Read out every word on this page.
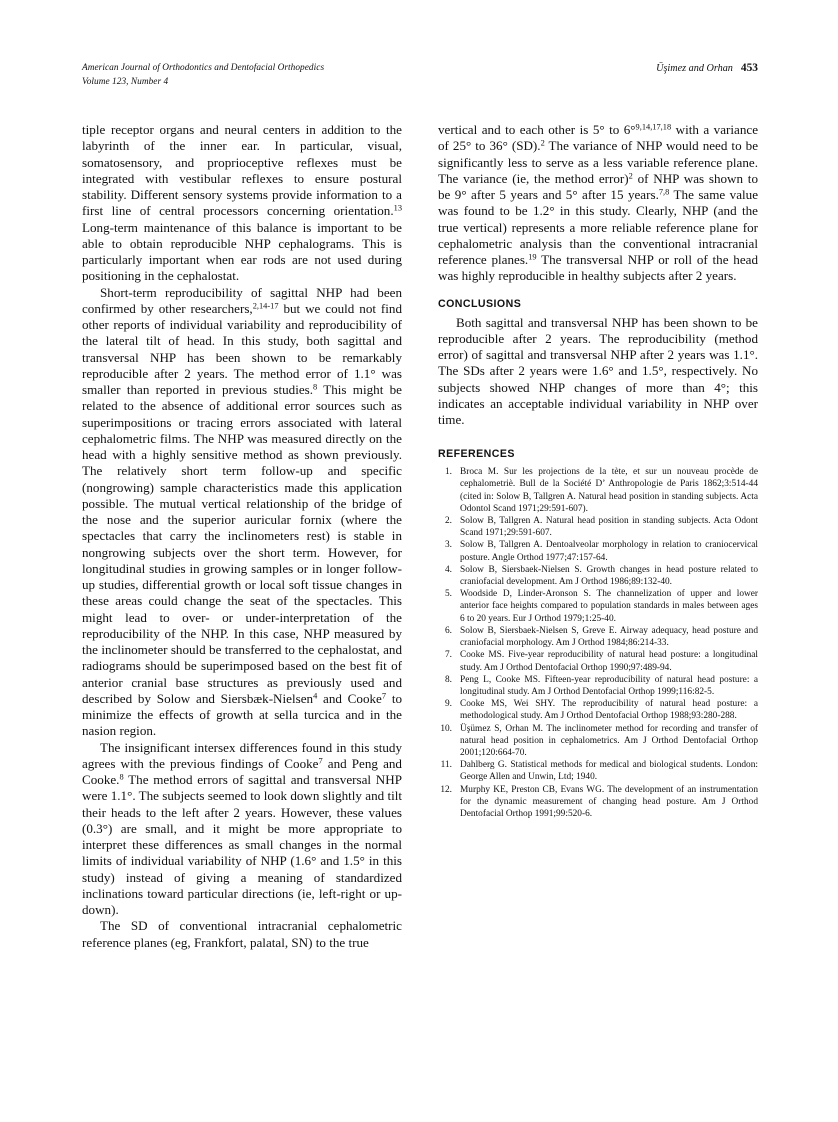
American Journal of Orthodontics and Dentofacial Orthopedics
Volume 123, Number 4
Üşimez and Orhan 453

tiple receptor organs and neural centers in addition to the labyrinth of the inner ear. In particular, visual, somatosensory, and proprioceptive reflexes must be integrated with vestibular reflexes to ensure postural stability. Different sensory systems provide information to a first line of central processors concerning orientation.$^{13}$ Long-term maintenance of this balance is important to be able to obtain reproducible NHP cephalograms. This is particularly important when ear rods are not used during positioning in the cephalostat.

Short-term reproducibility of sagittal NHP had been confirmed by other researchers,$^{2,14-17}$ but we could not find other reports of individual variability and reproducibility of the lateral tilt of head. In this study, both sagittal and transversal NHP has been shown to be remarkably reproducible after 2 years. The method error of 1.1° was smaller than reported in previous studies.$^8$ This might be related to the absence of additional error sources such as superimpositions or tracing errors associated with lateral cephalometric films. The NHP was measured directly on the head with a highly sensitive method as shown previously. The relatively short term follow-up and specific (nongrowing) sample characteristics made this application possible. The mutual vertical relationship of the bridge of the nose and the superior auricular fornix (where the spectacles that carry the inclinometers rest) is stable in nongrowing subjects over the short term. However, for longitudinal studies in growing samples or in longer follow-up studies, differential growth or local soft tissue changes in these areas could change the seat of the spectacles. This might lead to over- or under-interpretation of the reproducibility of the NHP. In this case, NHP measured by the inclinometer should be transferred to the cephalostat, and radiograms should be superimposed based on the best fit of anterior cranial base structures as previously used and described by Solow and Siersbæk-Nielsen$^4$ and Cooke$^7$ to minimize the effects of growth at sella turcica and in the nasion region.

The insignificant intersex differences found in this study agrees with the previous findings of Cooke$^7$ and Peng and Cooke.$^8$ The method errors of sagittal and transversal NHP were 1.1°. The subjects seemed to look down slightly and tilt their heads to the left after 2 years. However, these values (0.3°) are small, and it might be more appropriate to interpret these differences as small changes in the normal limits of individual variability of NHP (1.6° and 1.5° in this study) instead of giving a meaning of standardized inclinations toward particular directions (ie, left-right or up-down).

The SD of conventional intracranial cephalometric reference planes (eg, Frankfort, palatal, SN) to the true

vertical and to each other is 5° to 6°$^{9,14,17,18}$ with a variance of 25° to 36° (SD).$^2$ The variance of NHP would need to be significantly less to serve as a less variable reference plane. The variance (ie, the method error)$^2$ of NHP was shown to be 9° after 5 years and 5° after 15 years.$^{7,8}$ The same value was found to be 1.2° in this study. Clearly, NHP (and the true vertical) represents a more reliable reference plane for cephalometric analysis than the conventional intracranial reference planes.$^{19}$ The transversal NHP or roll of the head was highly reproducible in healthy subjects after 2 years.

CONCLUSIONS

Both sagittal and transversal NHP has been shown to be reproducible after 2 years. The reproducibility (method error) of sagittal and transversal NHP after 2 years was 1.1°. The SDs after 2 years were 1.6° and 1.5°, respectively. No subjects showed NHP changes of more than 4°; this indicates an acceptable individual variability in NHP over time.

REFERENCES
1. Broca M. Sur les projections de la tète, et sur un nouveau procède de cephalometriè. Bull de la Société D’ Anthropologie de Paris 1862;3:514-44 (cited in: Solow B, Tallgren A. Natural head position in standing subjects. Acta Odontol Scand 1971;29:591-607).
2. Solow B, Tallgren A. Natural head position in standing subjects. Acta Odont Scand 1971;29:591-607.
3. Solow B, Tallgren A. Dentoalveolar morphology in relation to craniocervical posture. Angle Orthod 1977;47:157-64.
4. Solow B, Siersbaek-Nielsen S. Growth changes in head posture related to craniofacial development. Am J Orthod 1986;89:132-40.
5. Woodside D, Linder-Aronson S. The channelization of upper and lower anterior face heights compared to population standards in males between ages 6 to 20 years. Eur J Orthod 1979;1:25-40.
6. Solow B, Siersbaek-Nielsen S, Greve E. Airway adequacy, head posture and craniofacial morphology. Am J Orthod 1984;86:214-33.
7. Cooke MS. Five-year reproducibility of natural head posture: a longitudinal study. Am J Orthod Dentofacial Orthop 1990;97:489-94.
8. Peng L, Cooke MS. Fifteen-year reproducibility of natural head posture: a longitudinal study. Am J Orthod Dentofacial Orthop 1999;116:82-5.
9. Cooke MS, Wei SHY. The reproducibility of natural head posture: a methodological study. Am J Orthod Dentofacial Orthop 1988;93:280-288.
10. Üşümez S, Orhan M. The inclinometer method for recording and transfer of natural head position in cephalometrics. Am J Orthod Dentofacial Orthop 2001;120:664-70.
11. Dahlberg G. Statistical methods for medical and biological students. London: George Allen and Unwin, Ltd; 1940.
12. Murphy KE, Preston CB, Evans WG. The development of an instrumentation for the dynamic measurement of changing head posture. Am J Orthod Dentofacial Orthop 1991;99:520-6.
